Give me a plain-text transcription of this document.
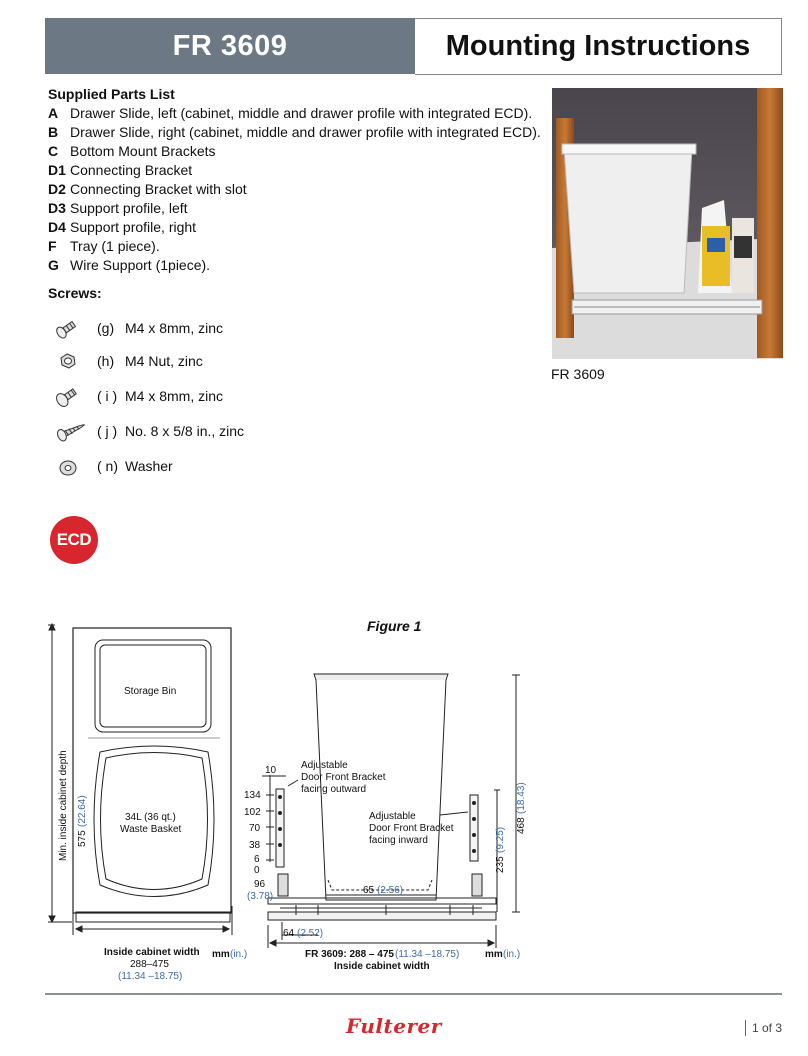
FR 3609	Mounting Instructions
Supplied Parts List
A Drawer Slide, left (cabinet, middle and drawer profile with integrated ECD).
B Drawer Slide, right (cabinet, middle and drawer profile with integrated ECD).
C Bottom Mount Brackets
D1 Connecting Bracket
D2 Connecting Bracket with slot
D3 Support profile, left
D4 Support profile, right
F Tray (1 piece).
G Wire Support (1piece).
Screws:
(g) M4 x 8mm, zinc
(h) M4 Nut, zinc
( i ) M4 x 8mm, zinc
( j ) No. 8 x 5/8 in., zinc
( n) Washer
FR 3609
ECD
Figure 1
Storage Bin
34L (36 qt.)
Waste Basket
Min. inside cabinet depth 575
(22.64)
Inside cabinet width
288–475
(11.34 –18.75)
mm (in.)
10 Adjustable
Door Front Bracket
facing outward
Adjustable
Door Front Bracket
facing inward
134
102
70
38
6
0
96
(3.78)
65 (2.56)
64 (2.52)
468
(18.43)
235
(9.25)
FR 3609: 288 – 475 (11.34 –18.75)
Inside cabinet width
mm (in.)
Fulterer	1 of 3
